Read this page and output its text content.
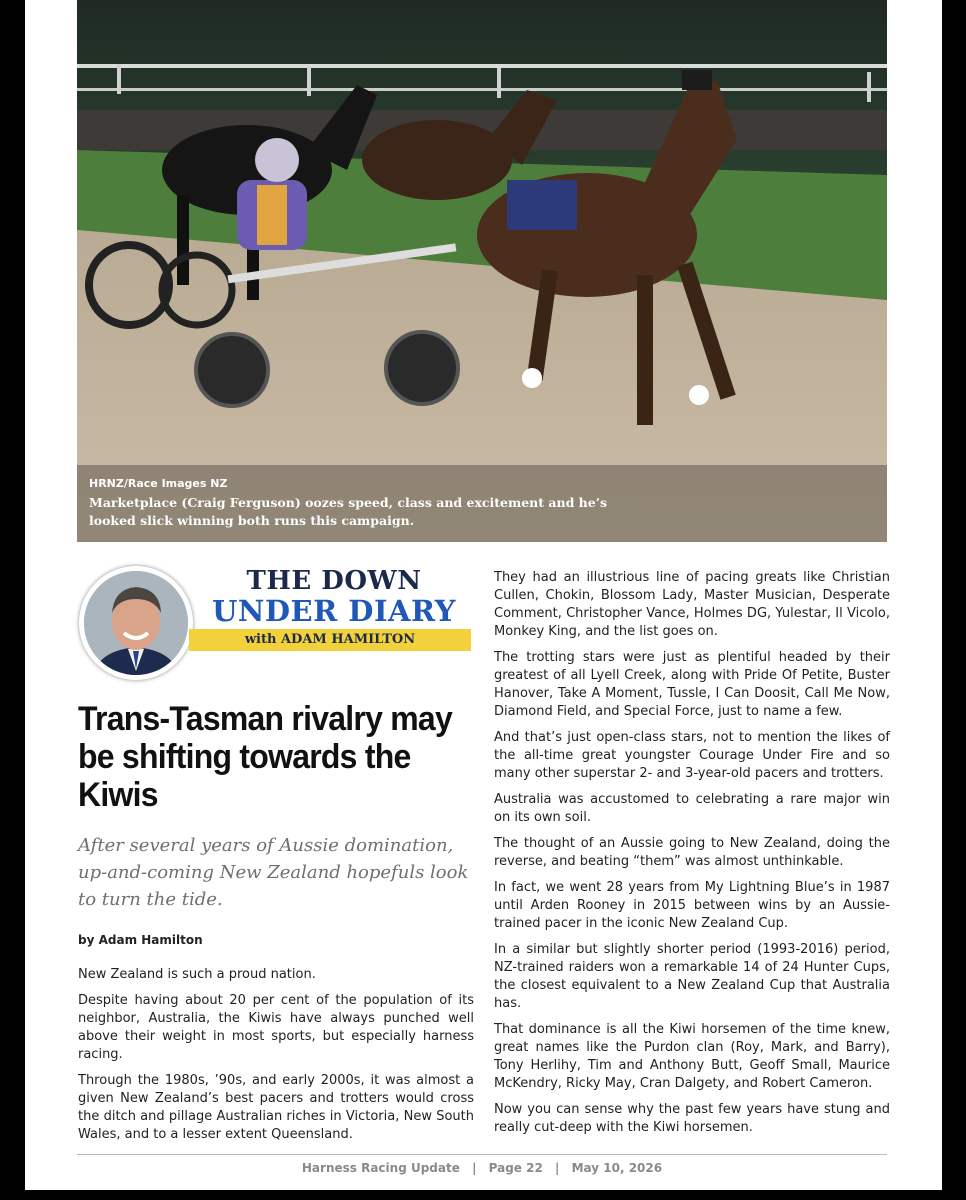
HRNZ/Race Images NZ
Marketplace (Craig Ferguson) oozes speed, class and excitement and he’s looked slick winning both runs this campaign.
THE DOWN
UNDER DIARY
with ADAM HAMILTON
Trans-Tasman rivalry may be shifting towards the Kiwis
After several years of Aussie domination, up-and-coming New Zealand hopefuls look to turn the tide.
by Adam Hamilton

New Zealand is such a proud nation.

Despite having about 20 per cent of the population of its neighbor, Australia, the Kiwis have always punched well above their weight in most sports, but especially harness racing.

Through the 1980s, ’90s, and early 2000s, it was almost a given New Zealand’s best pacers and trotters would cross the ditch and pillage Australian riches in Victoria, New South Wales, and to a lesser extent Queensland.

They had an illustrious line of pacing greats like Christian Cullen, Chokin, Blossom Lady, Master Musician, Desperate Comment, Christopher Vance, Holmes DG, Yulestar, Il Vicolo, Monkey King, and the list goes on.

The trotting stars were just as plentiful headed by their greatest of all Lyell Creek, along with Pride Of Petite, Buster Hanover, Take A Moment, Tussle, I Can Doosit, Call Me Now, Diamond Field, and Special Force, just to name a few.

And that’s just open-class stars, not to mention the likes of the all-time great youngster Courage Under Fire and so many other superstar 2- and 3-year-old pacers and trotters.

Australia was accustomed to celebrating a rare major win on its own soil.

The thought of an Aussie going to New Zealand, doing the reverse, and beating “them” was almost unthinkable.

In fact, we went 28 years from My Lightning Blue’s in 1987 until Arden Rooney in 2015 between wins by an Aussie-trained pacer in the iconic New Zealand Cup.

In a similar but slightly shorter period (1993-2016) period, NZ-trained raiders won a remarkable 14 of 24 Hunter Cups, the closest equivalent to a New Zealand Cup that Australia has.

That dominance is all the Kiwi horsemen of the time knew, great names like the Purdon clan (Roy, Mark, and Barry), Tony Herlihy, Tim and Anthony Butt, Geoff Small, Maurice McKendry, Ricky May, Cran Dalgety, and Robert Cameron.

Now you can sense why the past few years have stung and really cut-deep with the Kiwi horsemen.

Harness Racing Update | Page 22 | May 10, 2026
